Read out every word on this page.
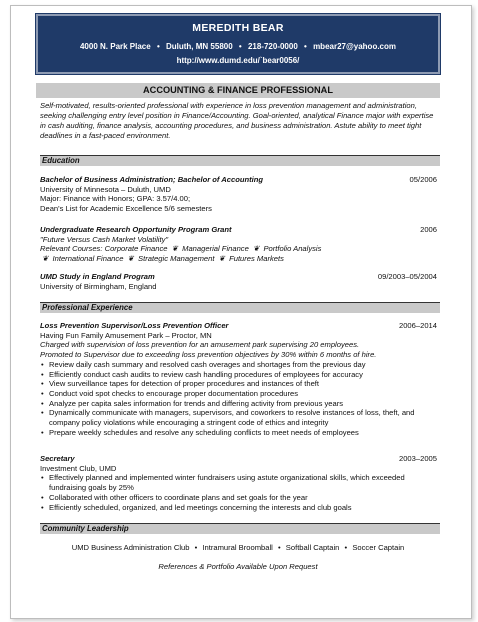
MEREDITH BEAR
4000 N. Park Place • Duluth, MN 55800 • 218-720-0000 • mbear27@yahoo.com
http://www.dumd.edu/`bear0056/
ACCOUNTING & FINANCE PROFESSIONAL
Self-motivated, results-oriented professional with experience in loss prevention management and administration, seeking challenging entry level position in Finance/Accounting. Goal-oriented, analytical Finance major with expertise in cash auditing, finance analysis, accounting procedures, and business administration. Astute ability to meet tight deadlines in a fast-paced environment.
Education
Bachelor of Business Administration; Bachelor of Accounting	05/2006
University of Minnesota – Duluth, UMD
Major: Finance with Honors; GPA: 3.57/4.00;
Dean's List for Academic Excellence 5/6 semesters
Undergraduate Research Opportunity Program Grant	2006
"Future Versus Cash Market Volatility"
Relevant Courses: Corporate Finance ❦ Managerial Finance ❦ Portfolio Analysis
❦ International Finance ❦ Strategic Management ❦ Futures Markets
UMD Study in England Program	09/2003–05/2004
University of Birmingham, England
Professional Experience
Loss Prevention Supervisor/Loss Prevention Officer	2006–2014
Having Fun Family Amusement Park – Proctor, MN
Charged with supervision of loss prevention for an amusement park supervising 20 employees.
Promoted to Supervisor due to exceeding loss prevention objectives by 30% within 6 months of hire.
• Review daily cash summary and resolved cash overages and shortages from the previous day
• Efficiently conduct cash audits to review cash handling procedures of employees for accuracy
• View surveillance tapes for detection of proper procedures and instances of theft
• Conduct void spot checks to encourage proper documentation procedures
• Analyze per capita sales information for trends and differing activity from previous years
• Dynamically communicate with managers, supervisors, and coworkers to resolve instances of loss, theft, and company policy violations while encouraging a stringent code of ethics and integrity
• Prepare weekly schedules and resolve any scheduling conflicts to meet needs of employees
Secretary	2003–2005
Investment Club, UMD
• Effectively planned and implemented winter fundraisers using astute organizational skills, which exceeded fundraising goals by 25%
• Collaborated with other officers to coordinate plans and set goals for the year
• Efficiently scheduled, organized, and led meetings concerning the interests and club goals
Community Leadership
UMD Business Administration Club • Intramural Broomball • Softball Captain • Soccer Captain
References & Portfolio Available Upon Request
